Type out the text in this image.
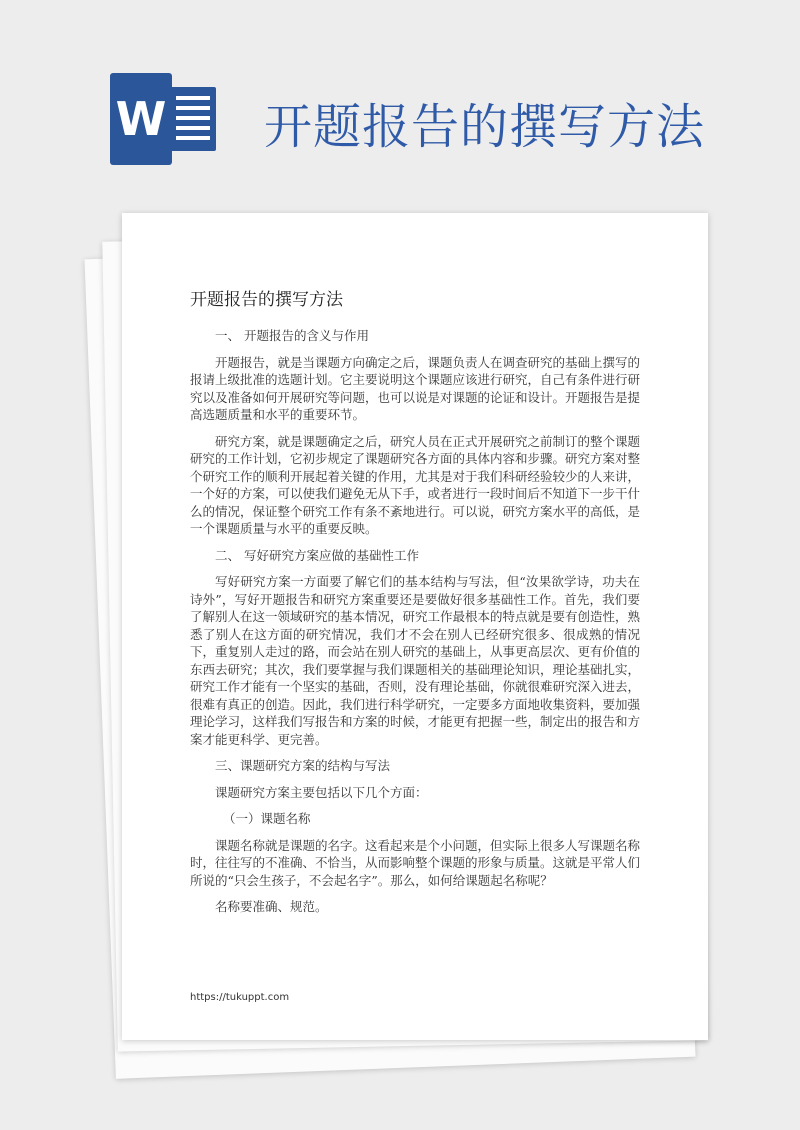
W 开题报告的撰写方法
开题报告的撰写方法

一、 开题报告的含义与作用

开题报告，就是当课题方向确定之后，课题负责人在调查研究的基础上撰写的报请上级批准的选题计划。它主要说明这个课题应该进行研究，自己有条件进行研究以及准备如何开展研究等问题，也可以说是对课题的论证和设计。开题报告是提高选题质量和水平的重要环节。

研究方案，就是课题确定之后，研究人员在正式开展研究之前制订的整个课题研究的工作计划，它初步规定了课题研究各方面的具体内容和步骤。研究方案对整个研究工作的顺利开展起着关键的作用，尤其是对于我们科研经验较少的人来讲，一个好的方案，可以使我们避免无从下手，或者进行一段时间后不知道下一步干什么的情况，保证整个研究工作有条不紊地进行。可以说，研究方案水平的高低，是一个课题质量与水平的重要反映。

二、 写好研究方案应做的基础性工作

写好研究方案一方面要了解它们的基本结构与写法，但“汝果欲学诗，功夫在诗外”，写好开题报告和研究方案重要还是要做好很多基础性工作。首先，我们要了解别人在这一领域研究的基本情况，研究工作最根本的特点就是要有创造性，熟悉了别人在这方面的研究情况，我们才不会在别人已经研究很多、很成熟的情况下，重复别人走过的路，而会站在别人研究的基础上，从事更高层次、更有价值的东西去研究；其次，我们要掌握与我们课题相关的基础理论知识，理论基础扎实，研究工作才能有一个坚实的基础，否则，没有理论基础，你就很难研究深入进去，很难有真正的创造。因此，我们进行科学研究，一定要多方面地收集资料，要加强理论学习，这样我们写报告和方案的时候，才能更有把握一些，制定出的报告和方案才能更科学、更完善。

三、课题研究方案的结构与写法

课题研究方案主要包括以下几个方面：

（一）课题名称

课题名称就是课题的名字。这看起来是个小问题，但实际上很多人写课题名称时，往往写的不准确、不恰当，从而影响整个课题的形象与质量。这就是平常人们所说的“只会生孩子，不会起名字”。那么，如何给课题起名称呢？

名称要准确、规范。

https://tukuppt.com
